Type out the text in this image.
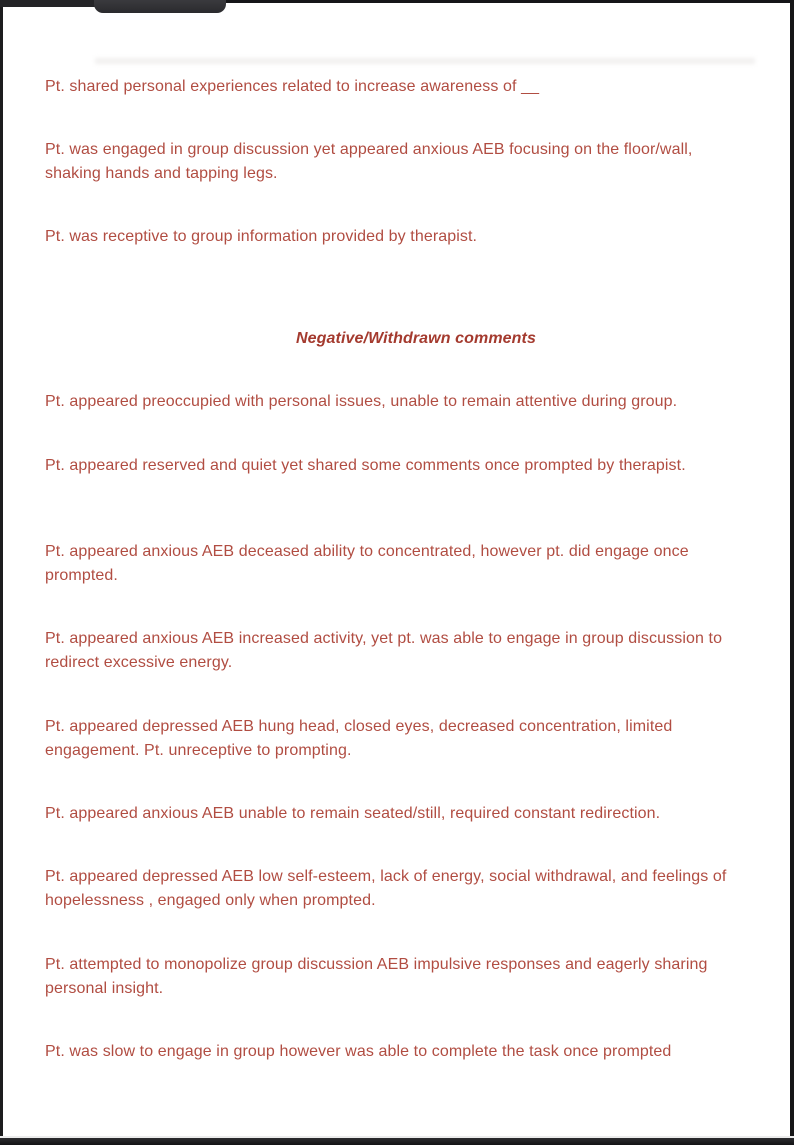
Pt. shared personal experiences related to increase awareness of __

Pt. was engaged in group discussion yet appeared anxious AEB focusing on the floor/wall, shaking hands and tapping legs.

Pt. was receptive to group information provided by therapist.

Negative/Withdrawn comments

Pt. appeared preoccupied with personal issues, unable to remain attentive during group.

Pt. appeared reserved and quiet yet shared some comments once prompted by therapist.

Pt. appeared anxious AEB deceased ability to concentrated, however pt. did engage once prompted.

Pt. appeared anxious AEB increased activity, yet pt. was able to engage in group discussion to redirect excessive energy.

Pt. appeared depressed AEB hung head, closed eyes, decreased concentration, limited engagement. Pt. unreceptive to prompting.

Pt. appeared anxious AEB unable to remain seated/still, required constant redirection.

Pt. appeared depressed AEB low self-esteem, lack of energy, social withdrawal, and feelings of hopelessness , engaged only when prompted.

Pt. attempted to monopolize group discussion AEB impulsive responses and eagerly sharing personal insight.

Pt. was slow to engage in group however was able to complete the task once prompted
